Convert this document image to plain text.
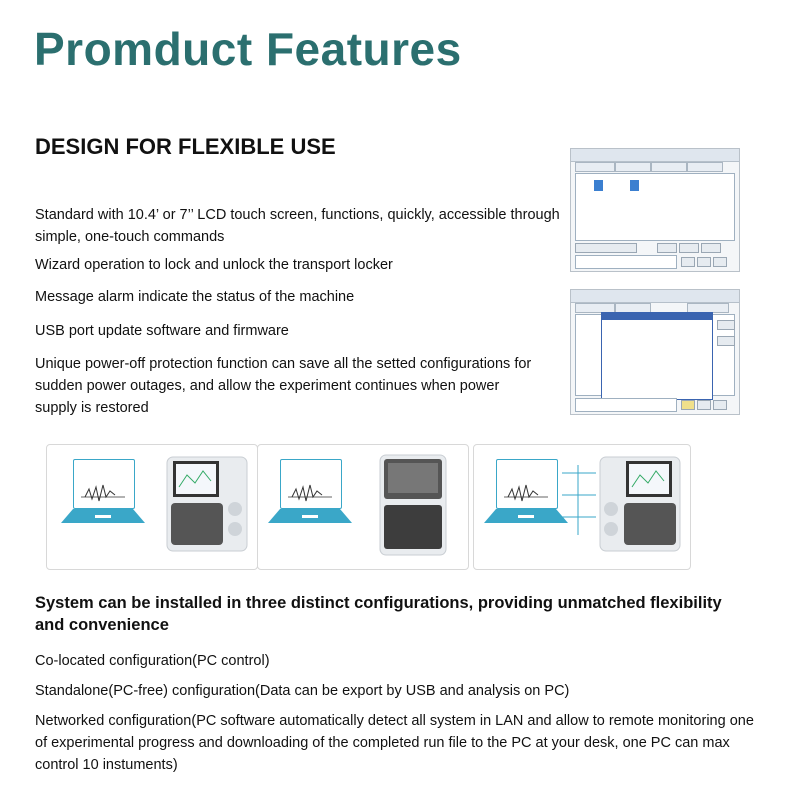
Promduct Features
DESIGN FOR FLEXIBLE USE
Standard with 10.4’ or 7’’ LCD touch screen, functions, quickly, accessible through simple, one-touch commands
Wizard operation to lock and unlock the transport locker
Message alarm indicate the status of the machine
USB port update software and firmware
Unique power-off protection function can save all the setted configurations for sudden power outages, and allow the experiment continues when power supply is restored
System can be installed in three distinct configurations, providing unmatched flexibility and convenience
Co-located configuration(PC control)
Standalone(PC-free) configuration(Data can be export by USB and analysis on PC)
Networked configuration(PC software automatically detect all system in LAN and allow to remote monitoring one of experimental progress and downloading of the completed run file to the PC at your desk, one PC can max control 10 instuments)
